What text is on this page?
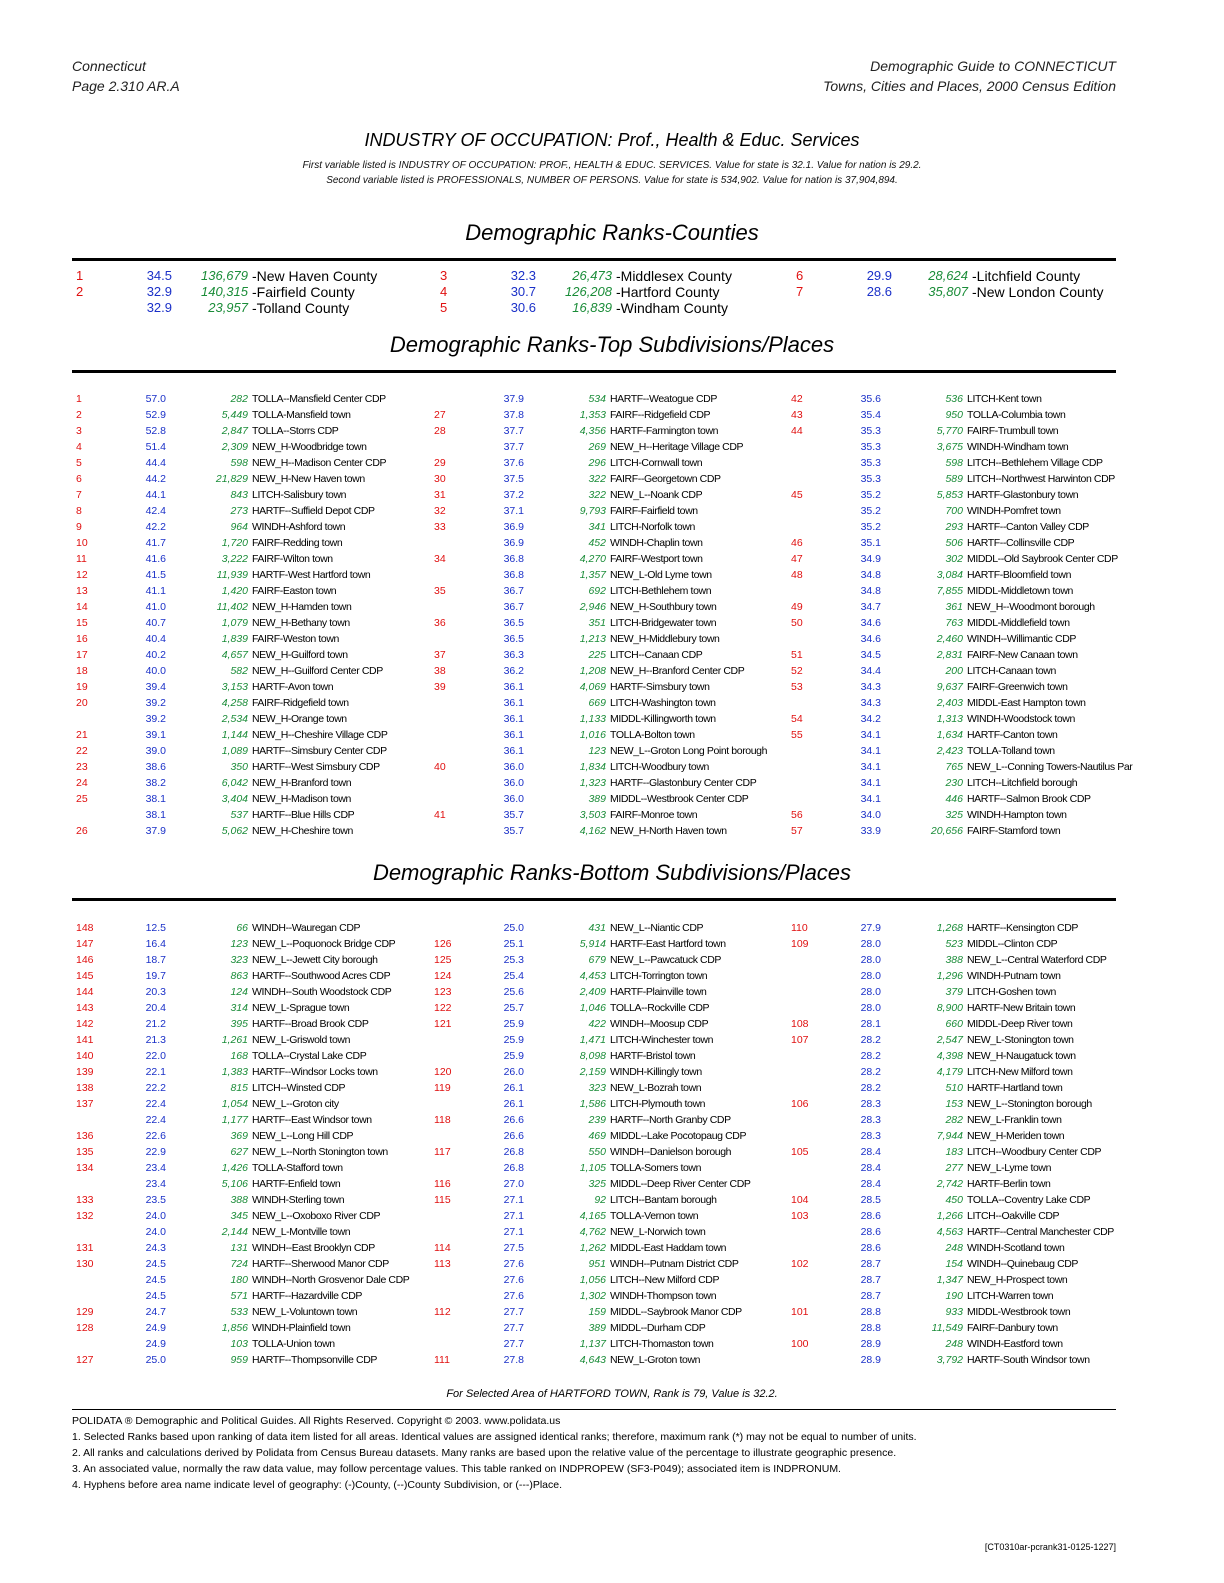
Connecticut
Page 2.310 AR.A
Demographic Guide to CONNECTICUT
Towns, Cities and Places, 2000 Census Edition
INDUSTRY OF OCCUPATION: Prof., Health & Educ. Services
First variable listed is INDUSTRY OF OCCUPATION: PROF., HEALTH & EDUC. SERVICES. Value for state is 32.1. Value for nation is 29.2.
Second variable listed is PROFESSIONALS, NUMBER OF PERSONS. Value for state is 534,902. Value for nation is 37,904,894.
Demographic Ranks-Counties
1	34.5	136,679 -New Haven County
2	32.9	140,315 -Fairfield County
32.9	23,957 -Tolland County
3	32.3	26,473 -Middlesex County
4	30.7	126,208 -Hartford County
5	30.6	16,839 -Windham County
6	29.9	28,624 -Litchfield County
7	28.6	35,807 -New London County
Demographic Ranks-Top Subdivisions/Places
1	57.0	282 TOLLA--Mansfield Center CDP
2	52.9	5,449 TOLLA-Mansfield town
3	52.8	2,847 TOLLA--Storrs CDP
4	51.4	2,309 NEW_H-Woodbridge town
5	44.4	598 NEW_H--Madison Center CDP
6	44.2	21,829 NEW_H-New Haven town
7	44.1	843 LITCH-Salisbury town
8	42.4	273 HARTF--Suffield Depot CDP
9	42.2	964 WINDH-Ashford town
10	41.7	1,720 FAIRF-Redding town
11	41.6	3,222 FAIRF-Wilton town
12	41.5	11,939 HARTF-West Hartford town
13	41.1	1,420 FAIRF-Easton town
14	41.0	11,402 NEW_H-Hamden town
15	40.7	1,079 NEW_H-Bethany town
16	40.4	1,839 FAIRF-Weston town
17	40.2	4,657 NEW_H-Guilford town
18	40.0	582 NEW_H--Guilford Center CDP
19	39.4	3,153 HARTF-Avon town
20	39.2	4,258 FAIRF-Ridgefield town
39.2	2,534 NEW_H-Orange town
21	39.1	1,144 NEW_H--Cheshire Village CDP
22	39.0	1,089 HARTF--Simsbury Center CDP
23	38.6	350 HARTF--West Simsbury CDP
24	38.2	6,042 NEW_H-Branford town
25	38.1	3,404 NEW_H-Madison town
38.1	537 HARTF--Blue Hills CDP
26	37.9	5,062 NEW_H-Cheshire town
37.9	534 HARTF--Weatogue CDP
27	37.8	1,353 FAIRF--Ridgefield CDP
28	37.7	4,356 HARTF-Farmington town
37.7	269 NEW_H--Heritage Village CDP
29	37.6	296 LITCH-Cornwall town
30	37.5	322 FAIRF--Georgetown CDP
31	37.2	322 NEW_L--Noank CDP
32	37.1	9,793 FAIRF-Fairfield town
33	36.9	341 LITCH-Norfolk town
36.9	452 WINDH-Chaplin town
34	36.8	4,270 FAIRF-Westport town
36.8	1,357 NEW_L-Old Lyme town
35	36.7	692 LITCH-Bethlehem town
36.7	2,946 NEW_H-Southbury town
36	36.5	351 LITCH-Bridgewater town
36.5	1,213 NEW_H-Middlebury town
37	36.3	225 LITCH--Canaan CDP
38	36.2	1,208 NEW_H--Branford Center CDP
39	36.1	4,069 HARTF-Simsbury town
36.1	669 LITCH-Washington town
36.1	1,133 MIDDL-Killingworth town
36.1	1,016 TOLLA-Bolton town
36.1	123 NEW_L--Groton Long Point borough
40	36.0	1,834 LITCH-Woodbury town
36.0	1,323 HARTF--Glastonbury Center CDP
36.0	389 MIDDL--Westbrook Center CDP
41	35.7	3,503 FAIRF-Monroe town
35.7	4,162 NEW_H-North Haven town
42	35.6	536 LITCH-Kent town
43	35.4	950 TOLLA-Columbia town
44	35.3	5,770 FAIRF-Trumbull town
35.3	3,675 WINDH-Windham town
35.3	598 LITCH--Bethlehem Village CDP
35.3	589 LITCH--Northwest Harwinton CDP
45	35.2	5,853 HARTF-Glastonbury town
35.2	700 WINDH-Pomfret town
35.2	293 HARTF--Canton Valley CDP
46	35.1	506 HARTF--Collinsville CDP
47	34.9	302 MIDDL--Old Saybrook Center CDP
48	34.8	3,084 HARTF-Bloomfield town
34.8	7,855 MIDDL-Middletown town
49	34.7	361 NEW_H--Woodmont borough
50	34.6	763 MIDDL-Middlefield town
34.6	2,460 WINDH--Willimantic CDP
51	34.5	2,831 FAIRF-New Canaan town
52	34.4	200 LITCH-Canaan town
53	34.3	9,637 FAIRF-Greenwich town
34.3	2,403 MIDDL-East Hampton town
54	34.2	1,313 WINDH-Woodstock town
55	34.1	1,634 HARTF-Canton town
34.1	2,423 TOLLA-Tolland town
34.1	765 NEW_L--Conning Towers-Nautilus Par
34.1	230 LITCH--Litchfield borough
34.1	446 HARTF--Salmon Brook CDP
56	34.0	325 WINDH-Hampton town
57	33.9	20,656 FAIRF-Stamford town
Demographic Ranks-Bottom Subdivisions/Places
148	12.5	66 WINDH--Wauregan CDP
147	16.4	123 NEW_L--Poquonock Bridge CDP
146	18.7	323 NEW_L--Jewett City borough
145	19.7	863 HARTF--Southwood Acres CDP
144	20.3	124 WINDH--South Woodstock CDP
143	20.4	314 NEW_L-Sprague town
142	21.2	395 HARTF--Broad Brook CDP
141	21.3	1,261 NEW_L-Griswold town
140	22.0	168 TOLLA--Crystal Lake CDP
139	22.1	1,383 HARTF--Windsor Locks town
138	22.2	815 LITCH--Winsted CDP
137	22.4	1,054 NEW_L--Groton city
22.4	1,177 HARTF--East Windsor town
136	22.6	369 NEW_L--Long Hill CDP
135	22.9	627 NEW_L--North Stonington town
134	23.4	1,426 TOLLA-Stafford town
23.4	5,106 HARTF-Enfield town
133	23.5	388 WINDH-Sterling town
132	24.0	345 NEW_L--Oxoboxo River CDP
24.0	2,144 NEW_L-Montville town
131	24.3	131 WINDH--East Brooklyn CDP
130	24.5	724 HARTF--Sherwood Manor CDP
24.5	180 WINDH--North Grosvenor Dale CDP
24.5	571 HARTF--Hazardville CDP
129	24.7	533 NEW_L-Voluntown town
128	24.9	1,856 WINDH-Plainfield town
24.9	103 TOLLA-Union town
127	25.0	959 HARTF--Thompsonville CDP
25.0	431 NEW_L--Niantic CDP
126	25.1	5,914 HARTF-East Hartford town
125	25.3	679 NEW_L--Pawcatuck CDP
124	25.4	4,453 LITCH-Torrington town
123	25.6	2,409 HARTF-Plainville town
122	25.7	1,046 TOLLA--Rockville CDP
121	25.9	422 WINDH--Moosup CDP
25.9	1,471 LITCH-Winchester town
25.9	8,098 HARTF-Bristol town
120	26.0	2,159 WINDH-Killingly town
119	26.1	323 NEW_L-Bozrah town
26.1	1,586 LITCH-Plymouth town
118	26.6	239 HARTF--North Granby CDP
26.6	469 MIDDL--Lake Pocotopaug CDP
117	26.8	550 WINDH--Danielson borough
26.8	1,105 TOLLA-Somers town
116	27.0	325 MIDDL--Deep River Center CDP
115	27.1	92 LITCH--Bantam borough
27.1	4,165 TOLLA-Vernon town
27.1	4,762 NEW_L-Norwich town
114	27.5	1,262 MIDDL-East Haddam town
113	27.6	951 WINDH--Putnam District CDP
27.6	1,056 LITCH--New Milford CDP
27.6	1,302 WINDH-Thompson town
112	27.7	159 MIDDL--Saybrook Manor CDP
27.7	389 MIDDL--Durham CDP
27.7	1,137 LITCH-Thomaston town
111	27.8	4,643 NEW_L-Groton town
110	27.9	1,268 HARTF--Kensington CDP
109	28.0	523 MIDDL--Clinton CDP
28.0	388 NEW_L--Central Waterford CDP
28.0	1,296 WINDH-Putnam town
28.0	379 LITCH-Goshen town
28.0	8,900 HARTF-New Britain town
108	28.1	660 MIDDL-Deep River town
107	28.2	2,547 NEW_L-Stonington town
28.2	4,398 NEW_H-Naugatuck town
28.2	4,179 LITCH-New Milford town
28.2	510 HARTF-Hartland town
106	28.3	153 NEW_L--Stonington borough
28.3	282 NEW_L-Franklin town
28.3	7,944 NEW_H-Meriden town
105	28.4	183 LITCH--Woodbury Center CDP
28.4	277 NEW_L-Lyme town
28.4	2,742 HARTF-Berlin town
104	28.5	450 TOLLA--Coventry Lake CDP
103	28.6	1,266 LITCH--Oakville CDP
28.6	4,563 HARTF--Central Manchester CDP
28.6	248 WINDH-Scotland town
102	28.7	154 WINDH--Quinebaug CDP
28.7	1,347 NEW_H-Prospect town
28.7	190 LITCH-Warren town
101	28.8	933 MIDDL-Westbrook town
28.8	11,549 FAIRF-Danbury town
100	28.9	248 WINDH-Eastford town
28.9	3,792 HARTF-South Windsor town
For Selected Area of HARTFORD TOWN, Rank is 79, Value is 32.2.
POLIDATA ® Demographic and Political Guides. All Rights Reserved. Copyright © 2003. www.polidata.us
1. Selected Ranks based upon ranking of data item listed for all areas. Identical values are assigned identical ranks; therefore, maximum rank (*) may not be equal to number of units.
2. All ranks and calculations derived by Polidata from Census Bureau datasets. Many ranks are based upon the relative value of the percentage to illustrate geographic presence.
3. An associated value, normally the raw data value, may follow percentage values. This table ranked on INDPROPEW (SF3-P049); associated item is INDPRONUM.
4. Hyphens before area name indicate level of geography: (-)County, (--)County Subdivision, or (---)Place.
[CT0310ar-pcrank31-0125-1227]
